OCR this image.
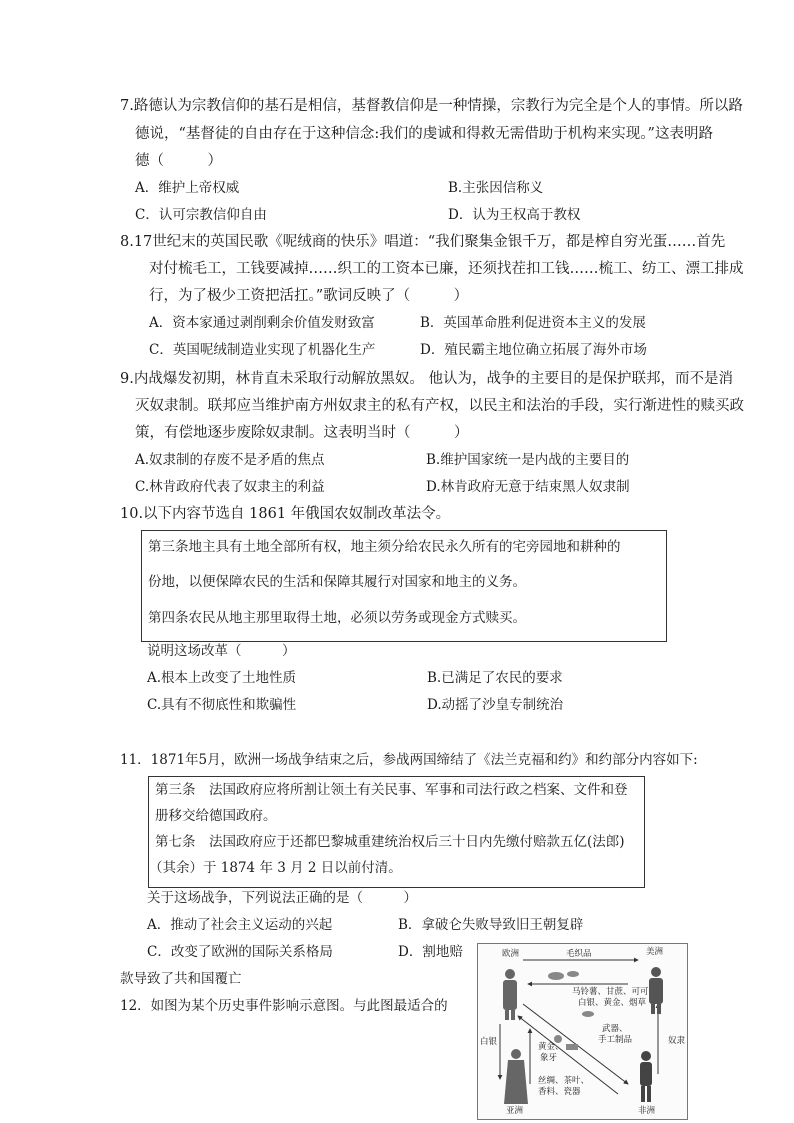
7.路德认为宗教信仰的基石是相信，基督教信仰是一种情操，宗教行为完全是个人的事情。所以路
德说，“基督徒的自由存在于这种信念:我们的虔诚和得救无需借助于机构来实现。”这表明路
德（　　　）
A．维护上帝权威	B.主张因信称义
C．认可宗教信仰自由	D．认为王权高于教权
8.17世纪末的英国民歌《呢绒商的快乐》唱道：“我们聚集金银千万，都是榨自穷光蛋……首先
对付梳毛工，工钱要减掉……织工的工资本已廉，还须找茬扣工钱……梳工、纺工、漂工排成
行，为了极少工资把活扛。”歌词反映了（　　　）
A．资本家通过剥削剩余价值发财致富	B．英国革命胜利促进资本主义的发展
C．英国呢绒制造业实现了机器化生产	D．殖民霸主地位确立拓展了海外市场
9.内战爆发初期，林肯直未采取行动解放黑奴。 他认为，战争的主要目的是保护联邦，而不是消
灭奴隶制。联邦应当维护南方州奴隶主的私有产权，以民主和法治的手段，实行渐进性的赎买政
策，有偿地逐步废除奴隶制。这表明当时（　　　）
A.奴隶制的存废不是矛盾的焦点	B.维护国家统一是内战的主要目的
C.林肯政府代表了奴隶主的利益	D.林肯政府无意于结束黑人奴隶制
10.以下内容节选自 1861 年俄国农奴制改革法令。
第三条地主具有土地全部所有权，地主须分给农民永久所有的宅旁园地和耕种的
份地，以便保障农民的生活和保障其履行对国家和地主的义务。
第四条农民从地主那里取得土地，必须以劳务或现金方式赎买。
说明这场改革（　　　）
A.根本上改变了土地性质	B.已满足了农民的要求
C.具有不彻底性和欺骗性	D.动摇了沙皇专制统治
11．1871年5月，欧洲一场战争结束之后，参战两国缔结了《法兰克福和约》和约部分内容如下:
第三条　法国政府应将所割让领土有关民事、军事和司法行政之档案、文件和登
册移交给德国政府。
第七条　法国政府应于还都巴黎城重建统治权后三十日内先缴付赔款五亿(法郎)
（其余）于 1874 年 3 月 2 日以前付清。
关于这场战争，下列说法正确的是（　　　）
A．推动了社会主义运动的兴起	B．拿破仑失败导致旧王朝复辟
C．改变了欧洲的国际关系格局	D．割地赔
款导致了共和国覆亡
12．如图为某个历史事件影响示意图。与此图最适合的
欧洲	美洲
毛织品
马铃薯、甘蔗、可可
白银、黄金、烟草
武器、
手工制品
黄金、
象牙
白银	奴隶
丝绸、茶叶、
香料、瓷器
亚洲	非洲
